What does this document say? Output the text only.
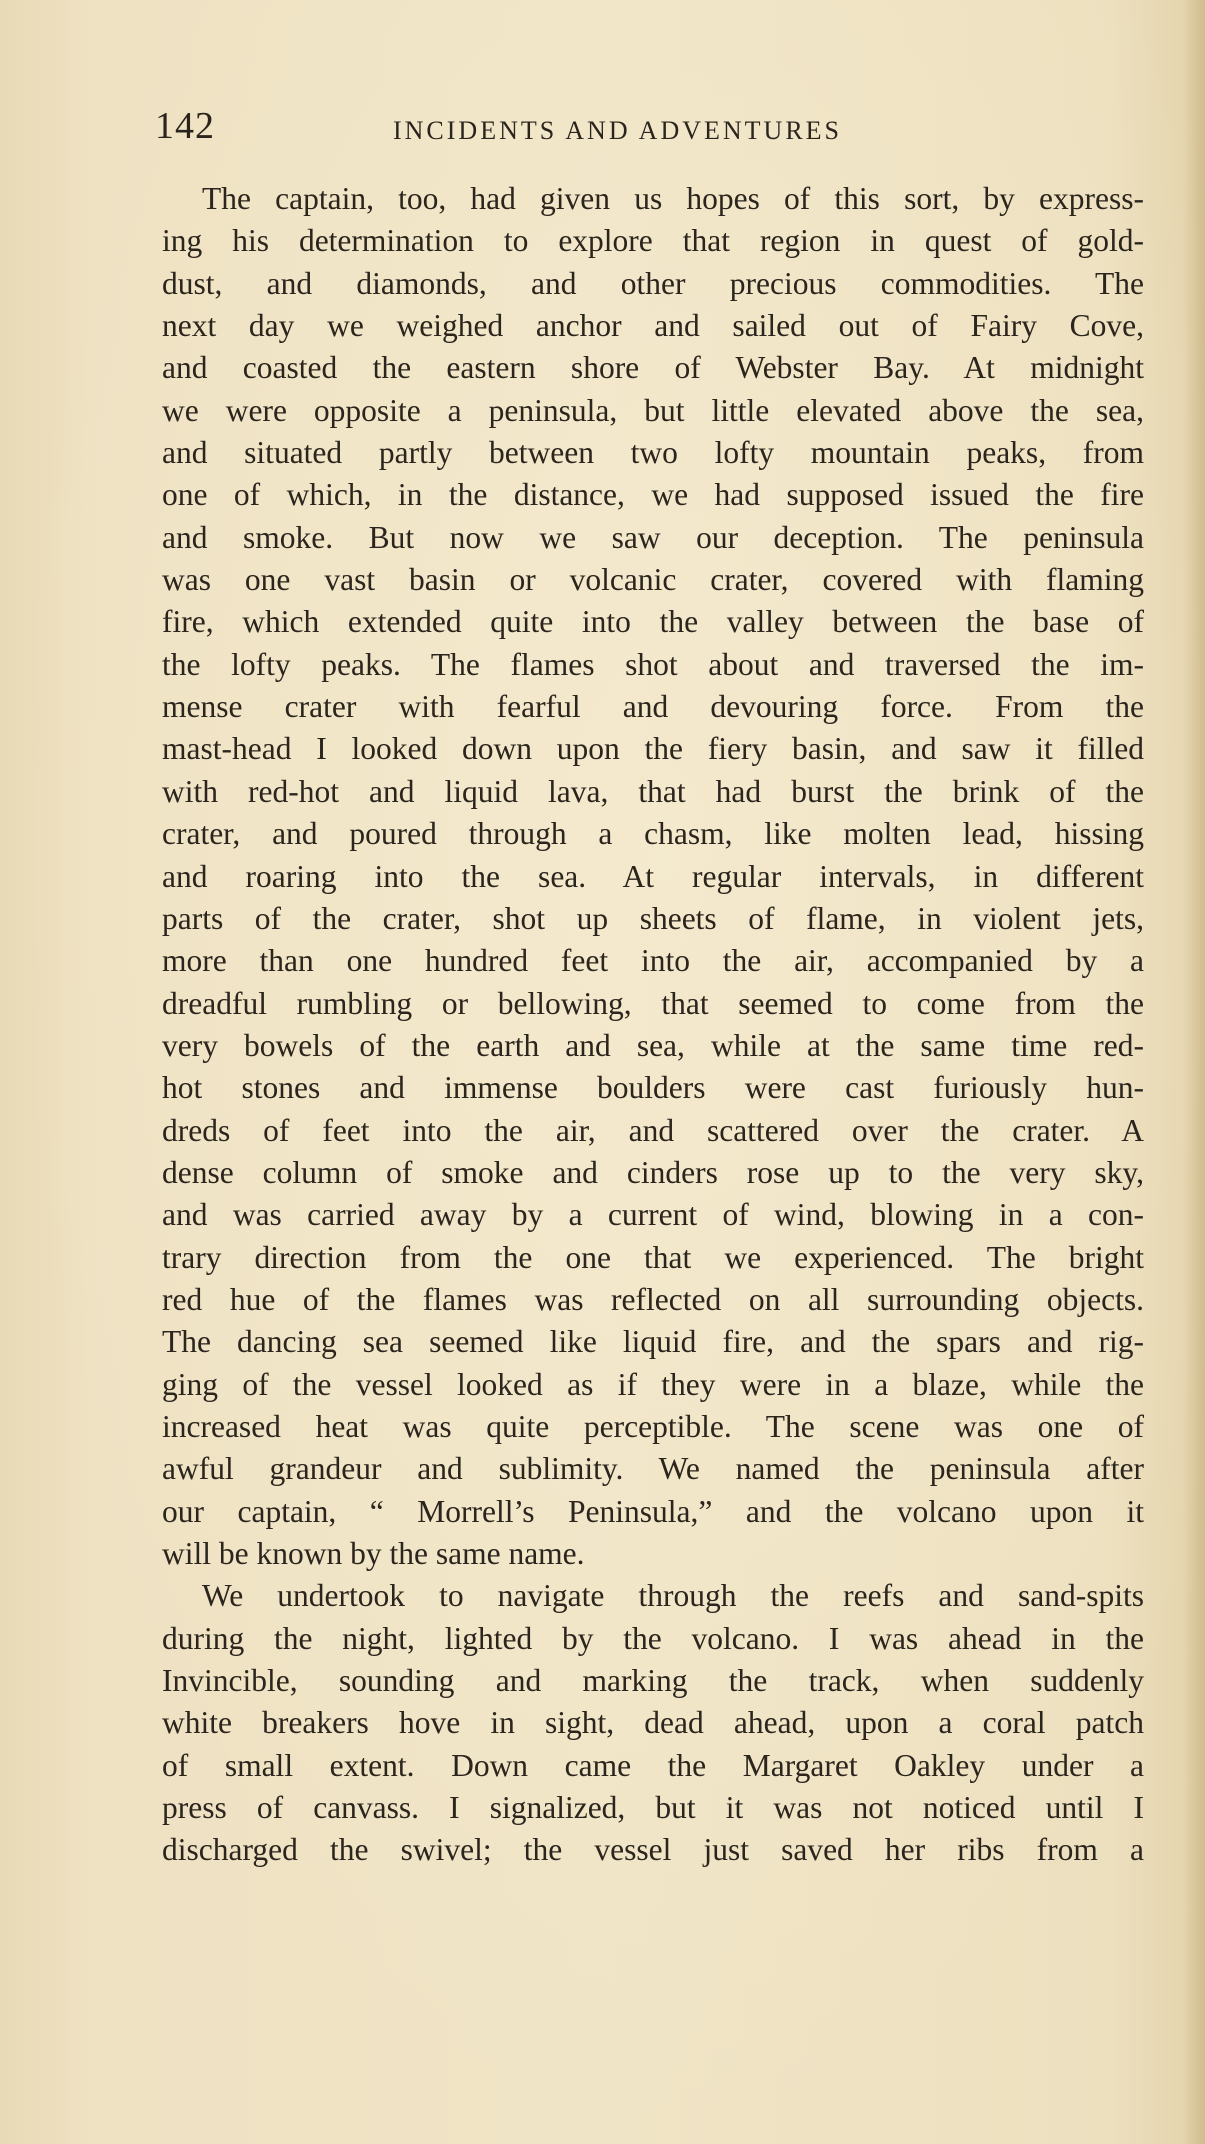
142	INCIDENTS AND ADVENTURES
The captain, too, had given us hopes of this sort, by express-
ing his determination to explore that region in quest of gold-
dust, and diamonds, and other precious commodities. The
next day we weighed anchor and sailed out of Fairy Cove,
and coasted the eastern shore of Webster Bay. At midnight
we were opposite a peninsula, but little elevated above the sea,
and situated partly between two lofty mountain peaks, from
one of which, in the distance, we had supposed issued the fire
and smoke. But now we saw our deception. The peninsula
was one vast basin or volcanic crater, covered with flaming
fire, which extended quite into the valley between the base of
the lofty peaks. The flames shot about and traversed the im-
mense crater with fearful and devouring force. From the
mast-head I looked down upon the fiery basin, and saw it filled
with red-hot and liquid lava, that had burst the brink of the
crater, and poured through a chasm, like molten lead, hissing
and roaring into the sea. At regular intervals, in different
parts of the crater, shot up sheets of flame, in violent jets,
more than one hundred feet into the air, accompanied by a
dreadful rumbling or bellowing, that seemed to come from the
very bowels of the earth and sea, while at the same time red-
hot stones and immense boulders were cast furiously hun-
dreds of feet into the air, and scattered over the crater. A
dense column of smoke and cinders rose up to the very sky,
and was carried away by a current of wind, blowing in a con-
trary direction from the one that we experienced. The bright
red hue of the flames was reflected on all surrounding objects.
The dancing sea seemed like liquid fire, and the spars and rig-
ging of the vessel looked as if they were in a blaze, while the
increased heat was quite perceptible. The scene was one of
awful grandeur and sublimity. We named the peninsula after
our captain, “ Morrell’s Peninsula,” and the volcano upon it
will be known by the same name.
We undertook to navigate through the reefs and sand-spits
during the night, lighted by the volcano. I was ahead in the
Invincible, sounding and marking the track, when suddenly
white breakers hove in sight, dead ahead, upon a coral patch
of small extent. Down came the Margaret Oakley under a
press of canvass. I signalized, but it was not noticed until I
discharged the swivel; the vessel just saved her ribs from a
